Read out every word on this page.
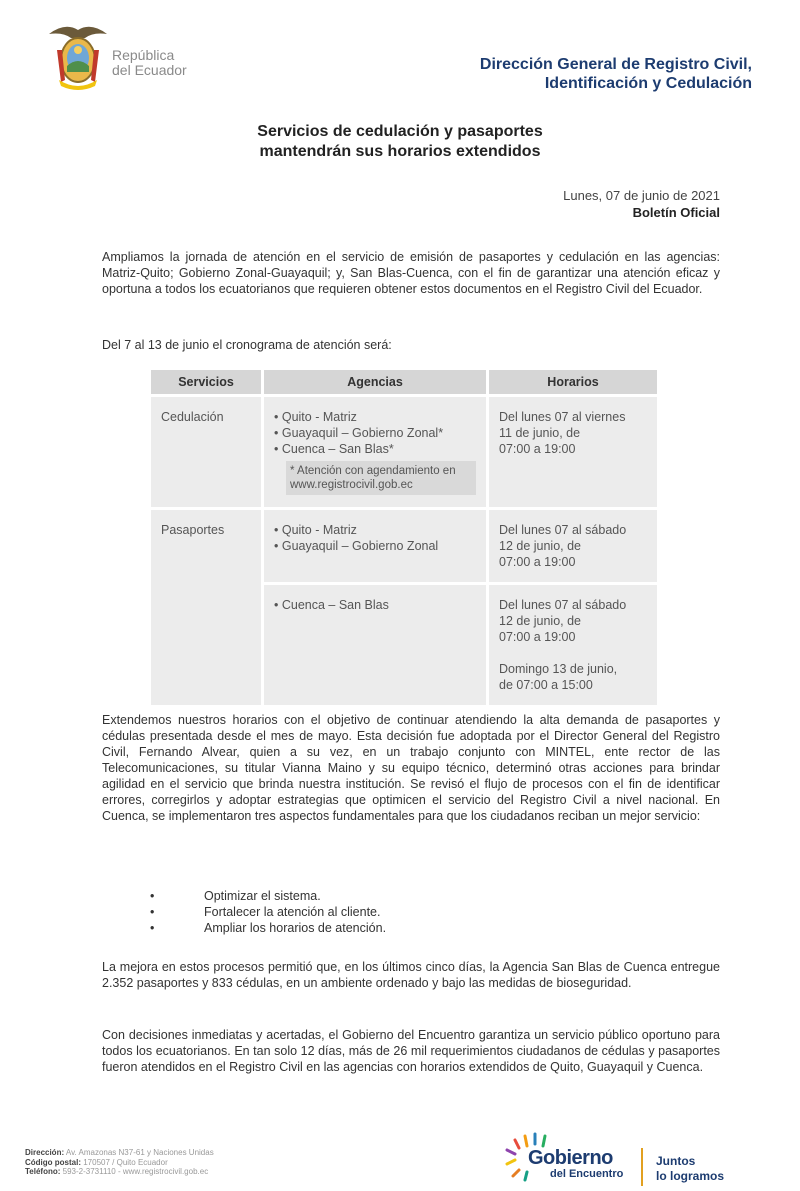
República
del Ecuador	Dirección General de Registro Civil,
Identificación y Cedulación
Servicios de cedulación y pasaportes
mantendrán sus horarios extendidos
Lunes, 07 de junio de 2021
Boletín Oficial
Ampliamos la jornada de atención en el servicio de emisión de pasaportes y cedulación en las agencias: Matriz-Quito; Gobierno Zonal-Guayaquil; y, San Blas-Cuenca, con el fin de garantizar una atención eficaz y oportuna a todos los ecuatorianos que requieren obtener estos documentos en el Registro Civil del Ecuador.
Del 7 al 13 de junio el cronograma de atención será:
Servicios	Agencias	Horarios
Cedulación	• Quito - Matriz
• Guayaquil – Gobierno Zonal*
• Cuenca – San Blas*
* Atención con agendamiento en www.registrocivil.gob.ec	Del lunes 07 al viernes
11 de junio, de
07:00 a 19:00

Pasaportes	• Quito - Matriz
• Guayaquil – Gobierno Zonal	Del lunes 07 al sábado
12 de junio, de
07:00 a 19:00

	• Cuenca – San Blas	Del lunes 07 al sábado
12 de junio, de
07:00 a 19:00
Domingo 13 de junio,
de 07:00 a 15:00
Extendemos nuestros horarios con el objetivo de continuar atendiendo la alta demanda de pasaportes y cédulas presentada desde el mes de mayo. Esta decisión fue adoptada por el Director General del Registro Civil, Fernando Alvear, quien a su vez, en un trabajo conjunto con MINTEL, ente rector de las Telecomunicaciones, su titular Vianna Maino y su equipo técnico, determinó otras acciones para brindar agilidad en el servicio que brinda nuestra institución. Se revisó el flujo de procesos con el fin de identificar errores, corregirlos y adoptar estrategias que optimicen el servicio del Registro Civil a nivel nacional. En Cuenca, se implementaron tres aspectos fundamentales para que los ciudadanos reciban un mejor servicio:
• Optimizar el sistema.
• Fortalecer la atención al cliente.
• Ampliar los horarios de atención.
La mejora en estos procesos permitió que, en los últimos cinco días, la Agencia San Blas de Cuenca entregue 2.352 pasaportes y 833 cédulas, en un ambiente ordenado y bajo las medidas de bioseguridad.
Con decisiones inmediatas y acertadas, el Gobierno del Encuentro garantiza un servicio público oportuno para todos los ecuatorianos. En tan solo 12 días, más de 26 mil requerimientos ciudadanos de cédulas y pasaportes fueron atendidos en el Registro Civil en las agencias con horarios extendidos de Quito, Guayaquil y Cuenca.
Dirección: Av. Amazonas N37-61 y Naciones Unidas
Código postal: 170507 / Quito Ecuador
Teléfono: 593-2-3731110 - www.registrocivil.gob.ec
Gobierno
del Encuentro
Juntos
lo logramos
